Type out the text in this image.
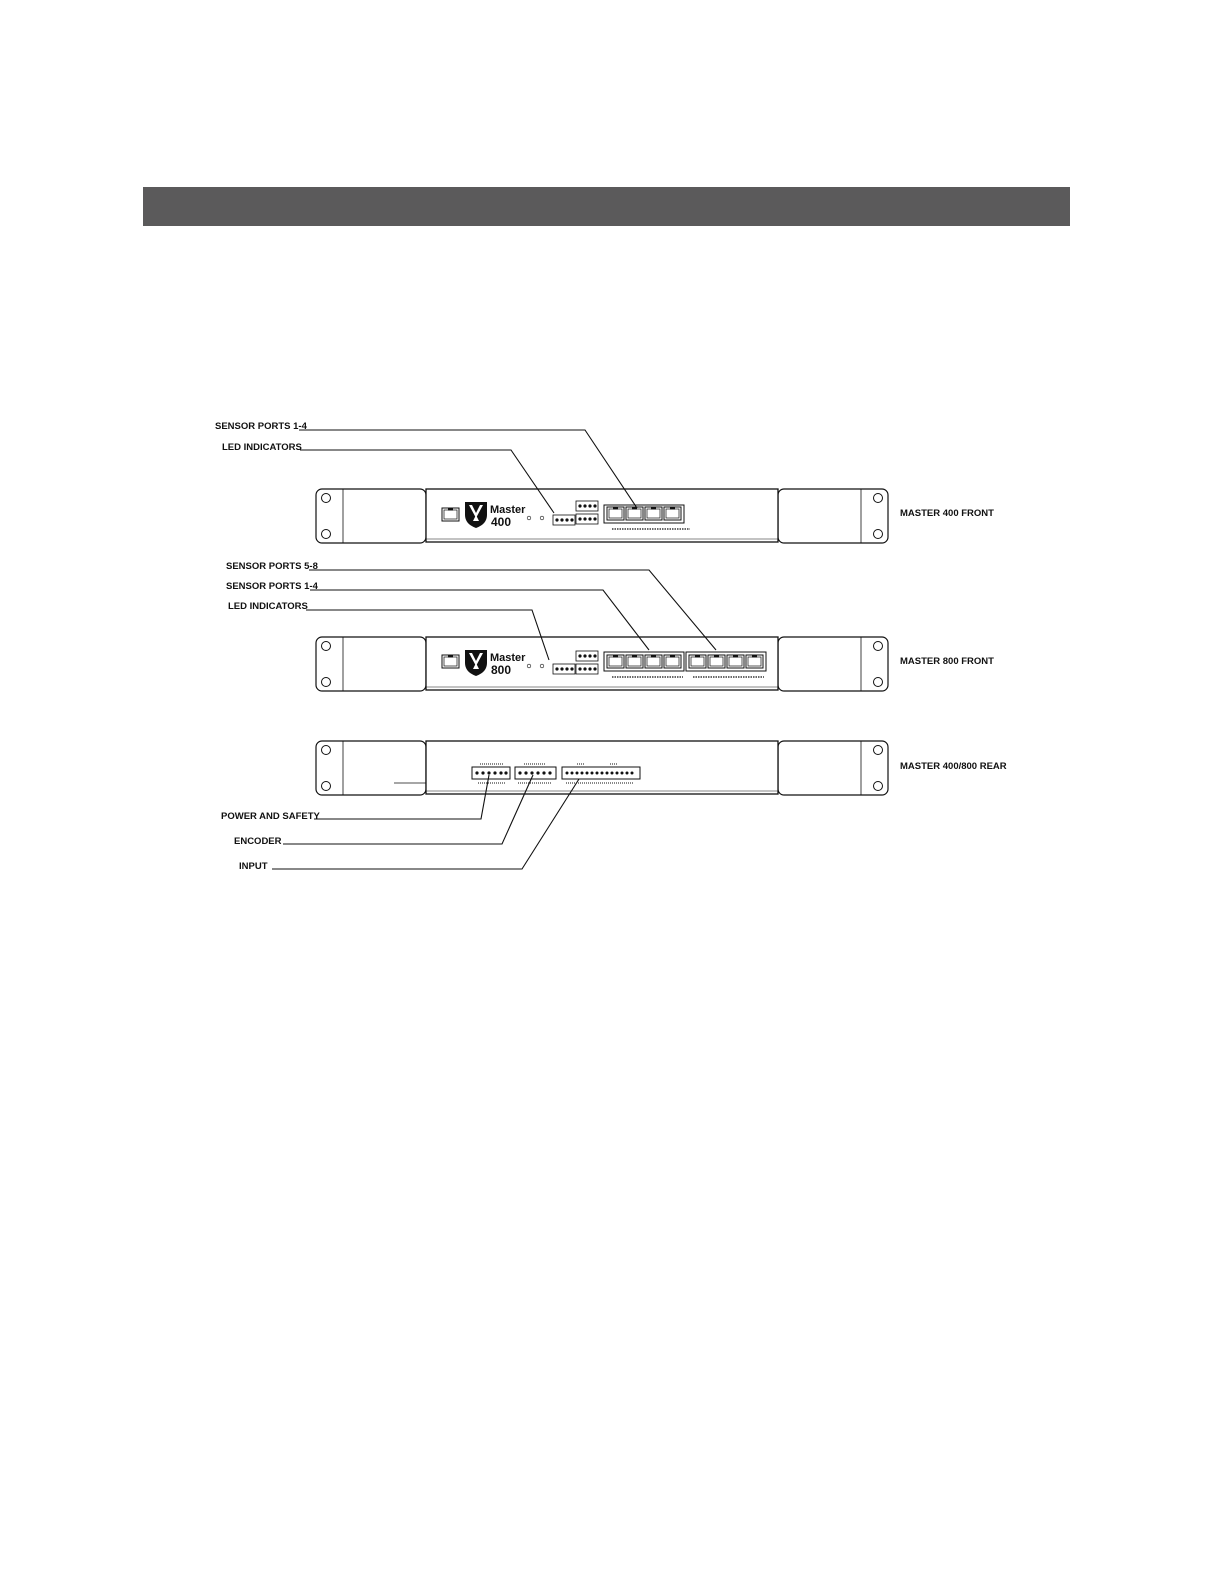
Master
400
Master
800
SENSOR PORTS 1-4
LED INDICATORS
MASTER 400 FRONT
SENSOR PORTS 5-8
SENSOR PORTS 1-4
LED INDICATORS
MASTER 800 FRONT
MASTER 400/800 REAR
POWER AND SAFETY
ENCODER
INPUT
